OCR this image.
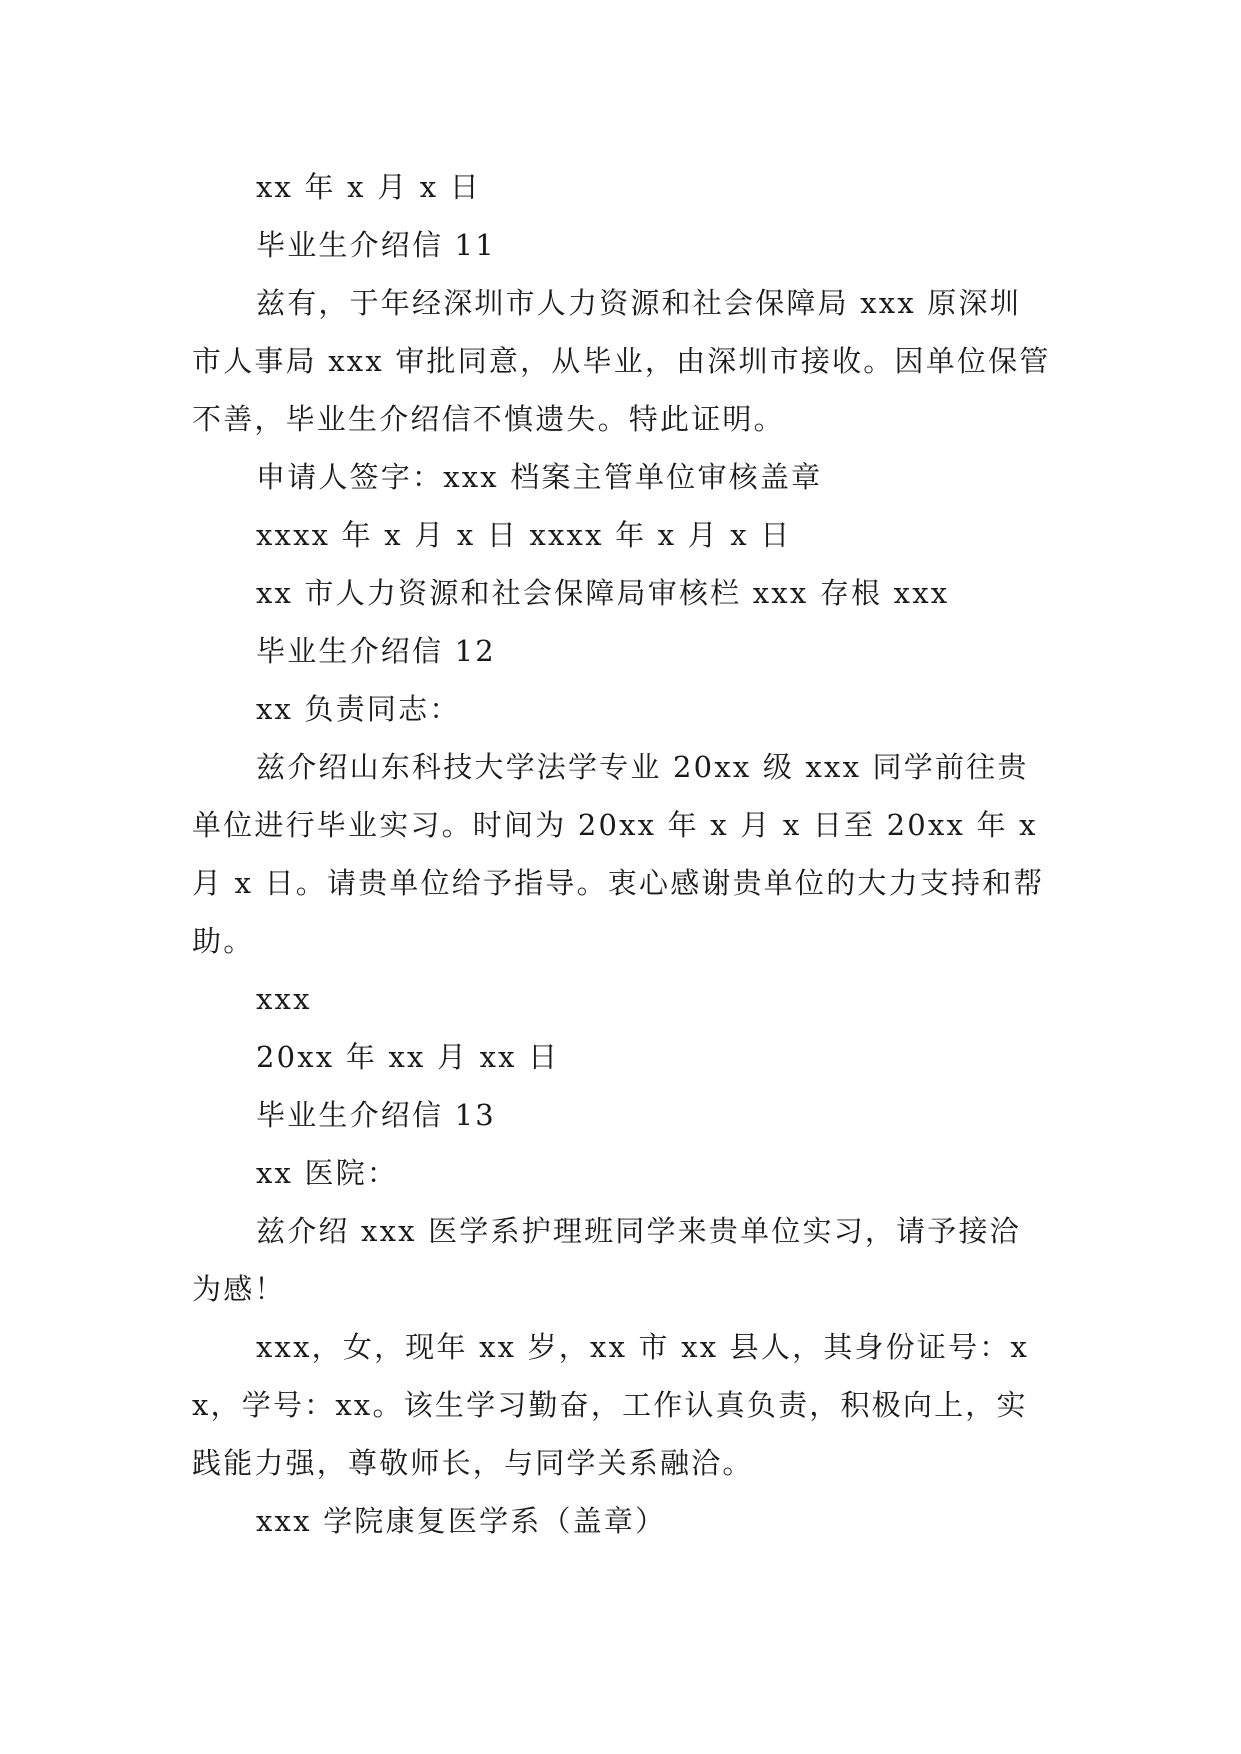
xx 年 x 月 x 日

毕业生介绍信 11

兹有，于年经深圳市人力资源和社会保障局 xxx 原深圳市人事局 xxx 审批同意，从毕业，由深圳市接收。因单位保管不善，毕业生介绍信不慎遗失。特此证明。

申请人签字：xxx 档案主管单位审核盖章

xxxx 年 x 月 x 日 xxxx 年 x 月 x 日

xx 市人力资源和社会保障局审核栏 xxx 存根 xxx

毕业生介绍信 12

xx 负责同志：

兹介绍山东科技大学法学专业 20xx 级 xxx 同学前往贵单位进行毕业实习。时间为 20xx 年 x 月 x 日至 20xx 年 x 月 x 日。请贵单位给予指导。衷心感谢贵单位的大力支持和帮助。

xxx

20xx 年 xx 月 xx 日

毕业生介绍信 13

xx 医院：

兹介绍 xxx 医学系护理班同学来贵单位实习，请予接洽为感！

xxx，女，现年 xx 岁，xx 市 xx 县人，其身份证号：xx，学号：xx。该生学习勤奋，工作认真负责，积极向上，实践能力强，尊敬师长，与同学关系融洽。

xxx 学院康复医学系（盖章）
